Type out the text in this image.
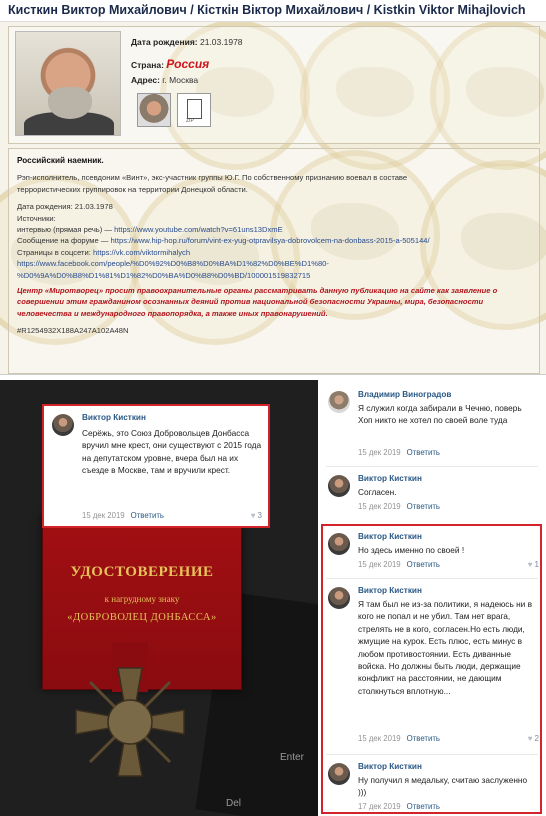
Кисткин Виктор Михайлович / Кісткін Віктор Михайлович / Kistkin Viktor Mihajlovich
Дата рождения: 21.03.1978
Страна: Россия
Адрес: г. Москва
ZIP
Российский наемник.
Рэп-исполнитель, псевдоним «Винт», экс-участник группы Ю.Г. По собственному признанию воевал в составе
террористических группировок на территории Донецкой области.
Дата рождения: 21.03.1978
Источники:
интервью (прямая речь) — https://www.youtube.com/watch?v=61uns13DxmE
Сообщение на форуме — https://www.hip-hop.ru/forum/vint-ex-yug-otpravilsya-dobrovolcem-na-donbass-2015-a-505144/
Страницы в соцсети: https://vk.com/viktormihalych
https://www.facebook.com/people/%D0%92%D0%B8%D0%BA%D1%82%D0%BE%D1%80-
%D0%9A%D0%B8%D1%81%D1%82%D0%BA%D0%B8%D0%BD/100001519832715
Центр «Миротворец» просит правоохранительные органы рассматривать данную публикацию на сайте как заявление о совершении этим гражданином осознанных деяний против национальной безопасности Украины, мира, безопасности человечества и международного правопорядка, а также иных правонарушений.
#R1254932X188A247A102A48N
Enter
Del
УДОСТОВЕРЕНИЕ
к нагрудному знаку
«ДОБРОВОЛЕЦ ДОНБАССА»
Виктор Кисткин
Серёжь, это Союз Добровольцев Донбасса вручил мне крест, они существуют с 2015 года на депутатском уровне, вчера был на их съезде в Москве, там и вручили крест.
15 дек 2019 Ответить	♥ 3
Владимир Виноградов
Я служил когда забирали в Чечню, поверь Хоп никто не хотел по своей воле туда
15 дек 2019 Ответить
Виктор Кисткин
Согласен.
15 дек 2019 Ответить
Виктор Кисткин
Но здесь именно по своей !
15 дек 2019 Ответить	♥ 1
Виктор Кисткин
Я там был не из-за политики, я надеюсь ни в кого не попал и не убил. Там нет врага, стрелять не в кого, согласен.Но есть люди, жмущие на курок. Есть плюс, есть минус в любом противостоянии. Есть диванные войска. Но должны быть люди, держащие конфликт на расстоянии, не дающим столкнуться вплотную...
15 дек 2019 Ответить	♥ 2
Виктор Кисткин
Ну получил я медальку, считаю заслуженно )))
17 дек 2019 Ответить
